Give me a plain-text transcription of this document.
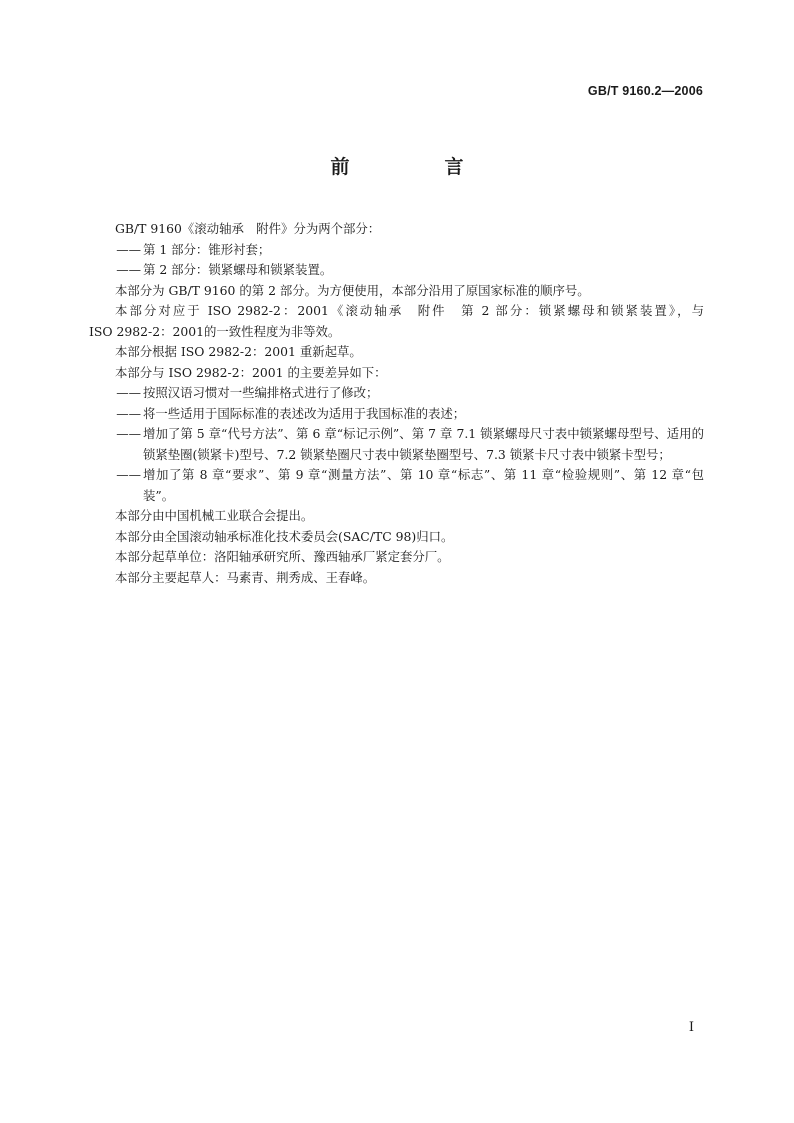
GB/T 9160.2—2006
前　言
GB/T 9160《滚动轴承　附件》分为两个部分：
—— 第 1 部分：锥形衬套；
—— 第 2 部分：锁紧螺母和锁紧装置。
本部分为 GB/T 9160 的第 2 部分。为方便使用，本部分沿用了原国家标准的顺序号。
本部分对应于 ISO 2982-2：2001《滚动轴承　附件　第 2 部分：锁紧螺母和锁紧装置》，与
ISO 2982-2：2001的一致性程度为非等效。
本部分根据 ISO 2982-2：2001 重新起草。
本部分与 ISO 2982-2：2001 的主要差异如下：
—— 按照汉语习惯对一些编排格式进行了修改；
—— 将一些适用于国际标准的表述改为适用于我国标准的表述；
—— 增加了第 5 章“代号方法”、第 6 章“标记示例”、第 7 章 7.1 锁紧螺母尺寸表中锁紧螺母型号、适用的锁紧垫圈(锁紧卡)型号、7.2 锁紧垫圈尺寸表中锁紧垫圈型号、7.3 锁紧卡尺寸表中锁紧卡型号；
—— 增加了第 8 章“要求”、第 9 章“测量方法”、第 10 章“标志”、第 11 章“检验规则”、第 12 章“包装”。
本部分由中国机械工业联合会提出。
本部分由全国滚动轴承标准化技术委员会(SAC/TC 98)归口。
本部分起草单位：洛阳轴承研究所、豫西轴承厂紧定套分厂。
本部分主要起草人：马素青、荆秀成、王春峰。
I
